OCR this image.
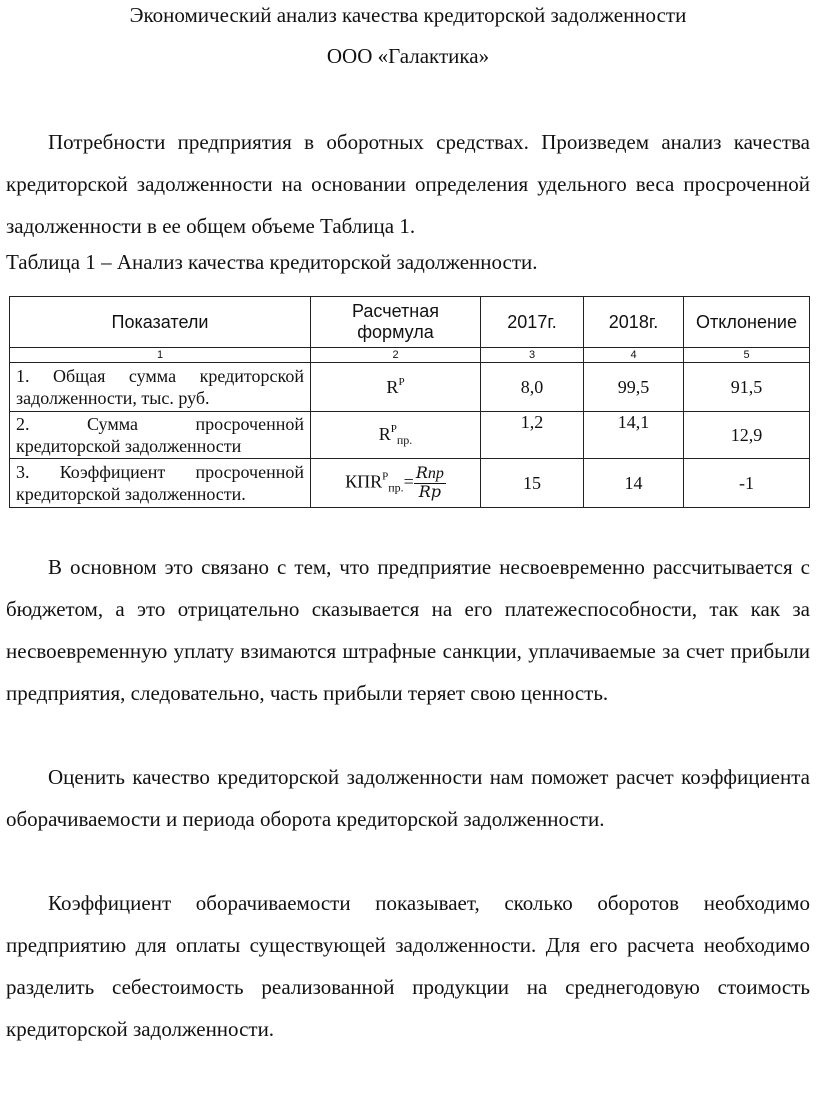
Экономический анализ качества кредиторской задолженности
ООО «Галактика»

Потребности предприятия в оборотных средствах. Произведем анализ качества кредиторской задолженности на основании определения удельного веса просроченной задолженности в ее общем объеме Таблица 1.

Таблица 1 – Анализ качества кредиторской задолженности.
Показатели	Расчетная формула	2017г.	2018г.	Отклонение
1	2	3	4	5

1. Общая сумма кредиторской
задолженности, тыс. руб.	$R^Р$	8,0	99,5	91,5

2. Сумма просроченной
кредиторской задолженности	$R^Р_{пр.}$	1,2	14,1	12,9

3. Коэффициент просроченной
кредиторской задолженности.	$КПR^Р_{пр.}= \frac{\text{𝑅пр}}{\text{𝑅𝑝}}$	15	14	-1

В основном это связано с тем, что предприятие несвоевременно рассчитывается с бюджетом, а это отрицательно сказывается на его платежеспособности, так как за несвоевременную уплату взимаются штрафные санкции, уплачиваемые за счет прибыли предприятия, следовательно, часть прибыли теряет свою ценность.

Оценить качество кредиторской задолженности нам поможет расчет коэффициента оборачиваемости и периода оборота кредиторской задолженности.

Коэффициент оборачиваемости показывает, сколько оборотов необходимо предприятию для оплаты существующей задолженности. Для его расчета необходимо разделить себестоимость реализованной продукции на среднегодовую стоимость кредиторской задолженности.
